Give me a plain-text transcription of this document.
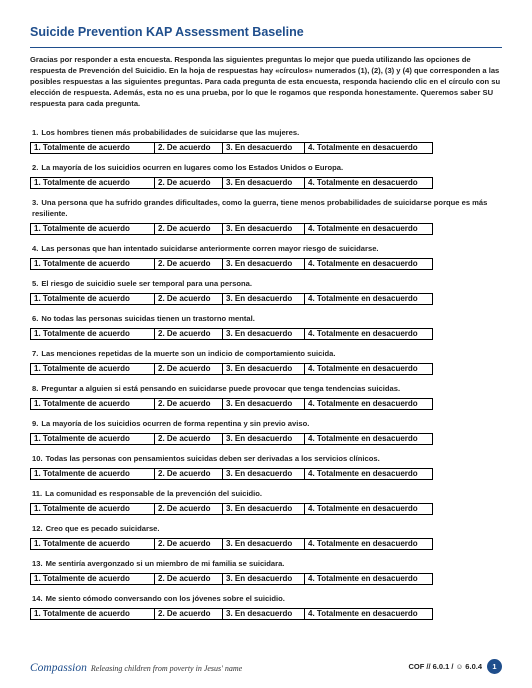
Suicide Prevention KAP Assessment Baseline

Gracias por responder a esta encuesta. Responda las siguientes preguntas lo mejor que pueda utilizando las opciones de respuesta de Prevención del Suicidio. En la hoja de respuestas hay «círculos» numerados (1), (2), (3) y (4) que corresponden a las posibles respuestas a las siguientes preguntas. Para cada pregunta de esta encuesta, responda haciendo clic en el círculo con su elección de respuesta. Además, esta no es una prueba, por lo que le rogamos que responda honestamente. Queremos saber SU respuesta para cada pregunta.

1. Los hombres tienen más probabilidades de suicidarse que las mujeres.

1. Totalmente de acuerdo	2. De acuerdo	3. En desacuerdo	4. Totalmente en desacuerdo

2. La mayoría de los suicidios ocurren en lugares como los Estados Unidos o Europa.

1. Totalmente de acuerdo	2. De acuerdo	3. En desacuerdo	4. Totalmente en desacuerdo

3. Una persona que ha sufrido grandes dificultades, como la guerra, tiene menos probabilidades de suicidarse porque es más resiliente.

1. Totalmente de acuerdo	2. De acuerdo	3. En desacuerdo	4. Totalmente en desacuerdo

4. Las personas que han intentado suicidarse anteriormente corren mayor riesgo de suicidarse.

1. Totalmente de acuerdo	2. De acuerdo	3. En desacuerdo	4. Totalmente en desacuerdo

5. El riesgo de suicidio suele ser temporal para una persona.

1. Totalmente de acuerdo	2. De acuerdo	3. En desacuerdo	4. Totalmente en desacuerdo

6. No todas las personas suicidas tienen un trastorno mental.

1. Totalmente de acuerdo	2. De acuerdo	3. En desacuerdo	4. Totalmente en desacuerdo

7. Las menciones repetidas de la muerte son un indicio de comportamiento suicida.

1. Totalmente de acuerdo	2. De acuerdo	3. En desacuerdo	4. Totalmente en desacuerdo

8. Preguntar a alguien si está pensando en suicidarse puede provocar que tenga tendencias suicidas.

1. Totalmente de acuerdo	2. De acuerdo	3. En desacuerdo	4. Totalmente en desacuerdo

9. La mayoría de los suicidios ocurren de forma repentina y sin previo aviso.

1. Totalmente de acuerdo	2. De acuerdo	3. En desacuerdo	4. Totalmente en desacuerdo

10. Todas las personas con pensamientos suicidas deben ser derivadas a los servicios clínicos.

1. Totalmente de acuerdo	2. De acuerdo	3. En desacuerdo	4. Totalmente en desacuerdo

11. La comunidad es responsable de la prevención del suicidio.

1. Totalmente de acuerdo	2. De acuerdo	3. En desacuerdo	4. Totalmente en desacuerdo

12. Creo que es pecado suicidarse.

1. Totalmente de acuerdo	2. De acuerdo	3. En desacuerdo	4. Totalmente en desacuerdo

13. Me sentiría avergonzado si un miembro de mi familia se suicidara.

1. Totalmente de acuerdo	2. De acuerdo	3. En desacuerdo	4. Totalmente en desacuerdo

14. Me siento cómodo conversando con los jóvenes sobre el suicidio.

1. Totalmente de acuerdo	2. De acuerdo	3. En desacuerdo	4. Totalmente en desacuerdo
Compassion Releasing children from poverty in Jesus' name	COF // 6.0.1 / ☺ 6.0.4	1
